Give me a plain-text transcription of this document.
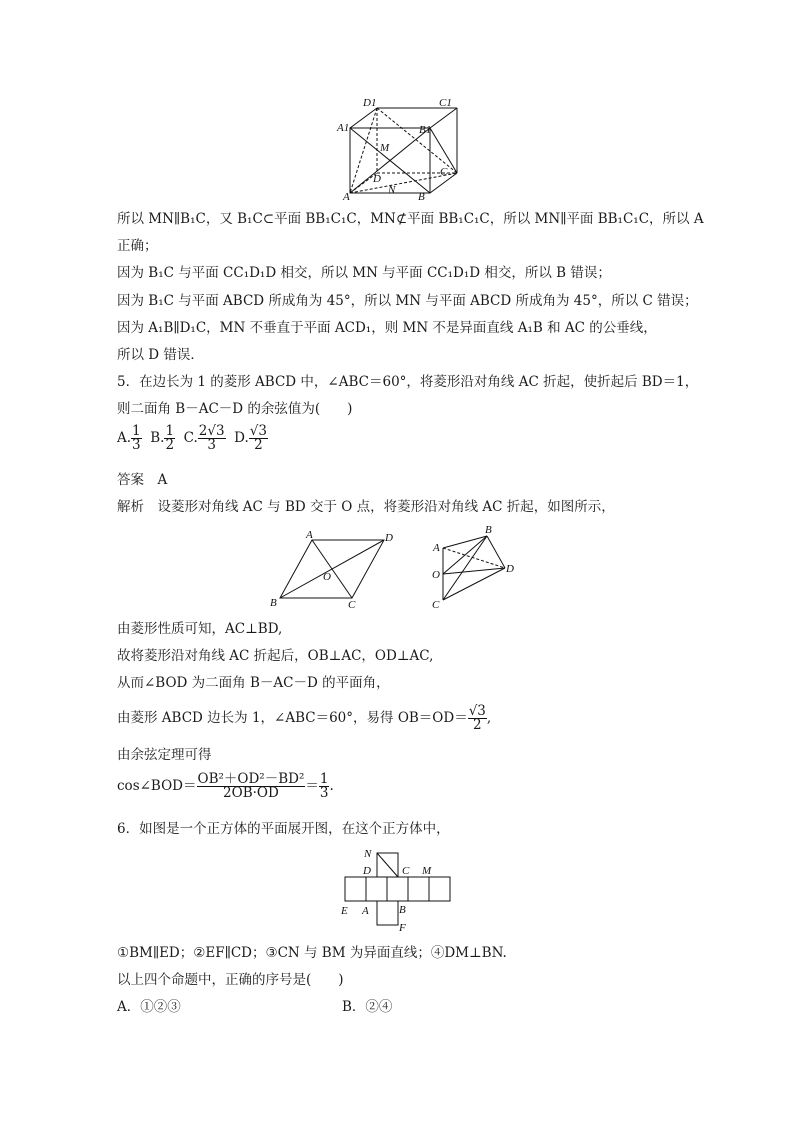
D1	C1
A1	B1
M
D
N
C
A	B
所以 MN∥B₁C，又 B₁C⊂平面 BB₁C₁C，MN⊄平面 BB₁C₁C，所以 MN∥平面 BB₁C₁C，所以 A
正确；
因为 B₁C 与平面 CC₁D₁D 相交，所以 MN 与平面 CC₁D₁D 相交，所以 B 错误；
因为 B₁C 与平面 ABCD 所成角为 45°，所以 MN 与平面 ABCD 所成角为 45°，所以 C 错误；
因为 A₁B∥D₁C，MN 不垂直于平面 ACD₁，则 MN 不是异面直线 A₁B 和 AC 的公垂线，
所以 D 错误．
5．在边长为 1 的菱形 ABCD 中，∠ABC＝60°，将菱形沿对角线 AC 折起，使折起后 BD＝1，
则二面角 B－AC－D 的余弦值为(　　)
A. $\frac{1}{3} B$. $\frac{1}{2} C$. $\frac{2√3}{3} D$. $\frac{√3}{2}$
答案　A
解析　设菱形对角线 AC 与 BD 交于 O 点，将菱形沿对角线 AC 折起，如图所示，
A	D
O
B	C
B
A
O	D
C
由菱形性质可知，AC⊥BD,
故将菱形沿对角线 AC 折起后，OB⊥AC，OD⊥AC,
从而∠BOD 为二面角 B－AC－D 的平面角，
由菱形 ABCD 边长为 1，∠ABC＝60°，易得 $OB=OD= \frac{√3}{2}$ ,
由余弦定理可得
cos∠BOD＝ $\frac{\text{OB²＋OD²－BD²}}{2OB\cdot OD} = \frac{1}{3}$ .
6．如图是一个正方体的平面展开图，在这个正方体中，
N
D	C M
E A	B
F
①BM∥ED；②EF∥CD；③CN 与 BM 为异面直线；④DM⊥BN.
以上四个命题中，正确的序号是(　　)
A．①②③	B．②④
